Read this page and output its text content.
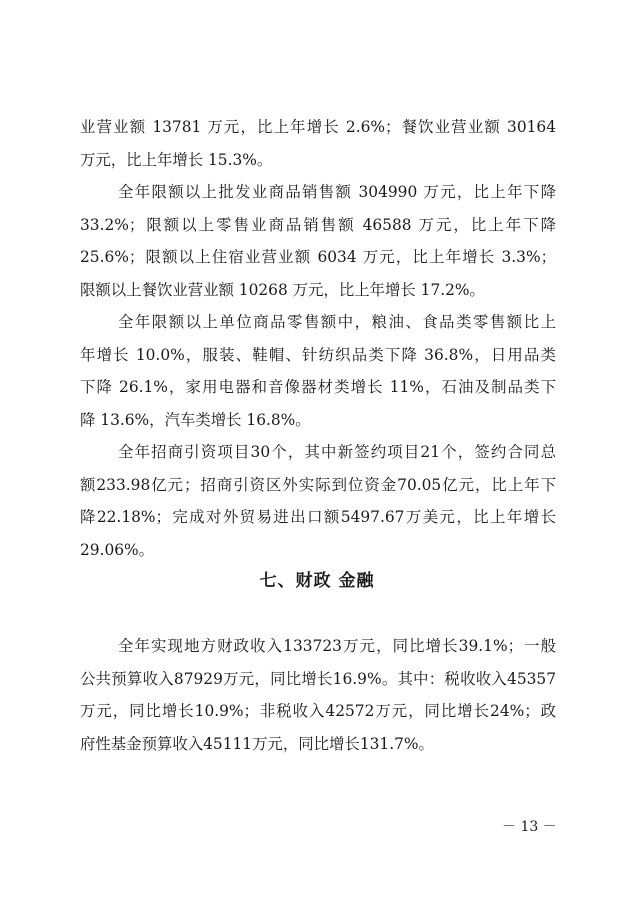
业营业额 13781 万元，比上年增长 2.6%；餐饮业营业额 30164
万元，比上年增长 15.3%。
全年限额以上批发业商品销售额 304990 万元，比上年下降
33.2%；限额以上零售业商品销售额 46588 万元，比上年下降
25.6%；限额以上住宿业营业额 6034 万元，比上年增长 3.3%；
限额以上餐饮业营业额 10268 万元，比上年增长 17.2%。
全年限额以上单位商品零售额中，粮油、食品类零售额比上
年增长 10.0%，服装、鞋帽、针纺织品类下降 36.8%，日用品类
下降 26.1%，家用电器和音像器材类增长 11%，石油及制品类下
降 13.6%，汽车类增长 16.8%。
全年招商引资项目30个，其中新签约项目21个，签约合同总
额233.98亿元；招商引资区外实际到位资金70.05亿元，比上年下
降22.18%；完成对外贸易进出口额5497.67万美元，比上年增长
29.06%。
七、财政 金融
全年实现地方财政收入133723万元，同比增长39.1%；一般
公共预算收入87929万元，同比增长16.9%。其中：税收收入45357
万元，同比增长10.9%；非税收入42572万元，同比增长24%；政
府性基金预算收入45111万元，同比增长131.7%。
－ 13 －
